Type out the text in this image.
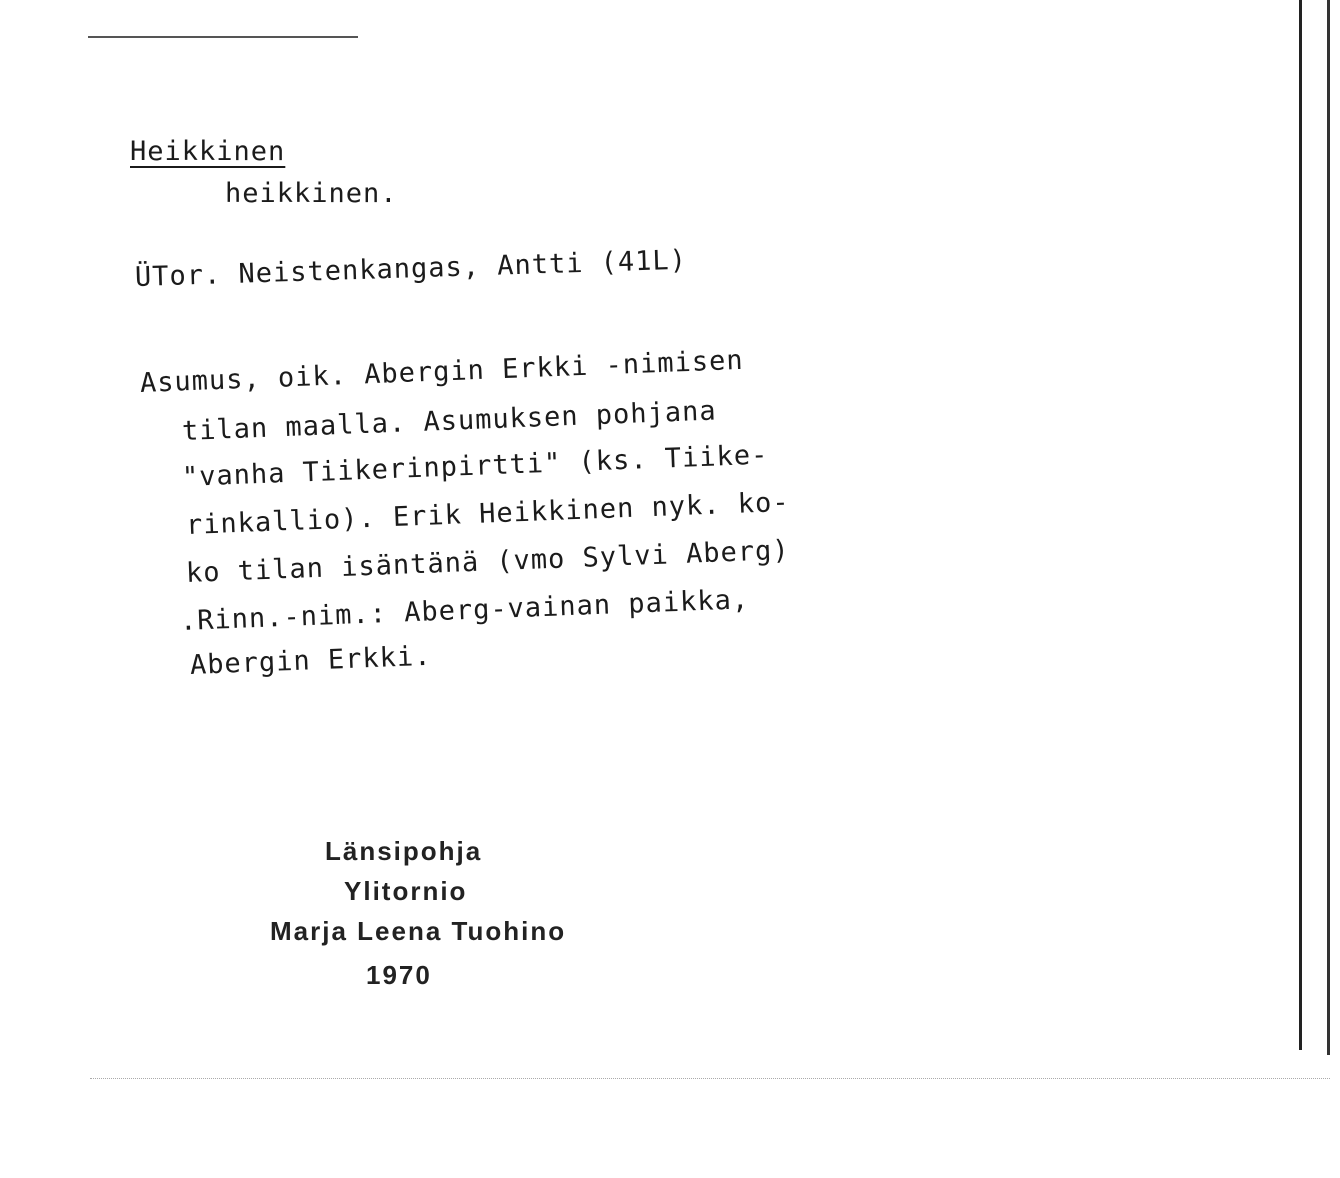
Heikkinen
heikkinen.
ÜTor. Neistenkangas, Antti (41L)
Asumus, oik. Abergin Erkki -nimisen
tilan maalla. Asumuksen pohjana
"vanha Tiikerinpirtti" (ks. Tiike-
rinkallio). Erik Heikkinen nyk. ko-
ko tilan isäntänä (vmo Sylvi Aberg)
.Rinn.-nim.: Aberg-vainan paikka,
Abergin Erkki.
Länsipohja
Ylitornio
Marja Leena Tuohino
1970
